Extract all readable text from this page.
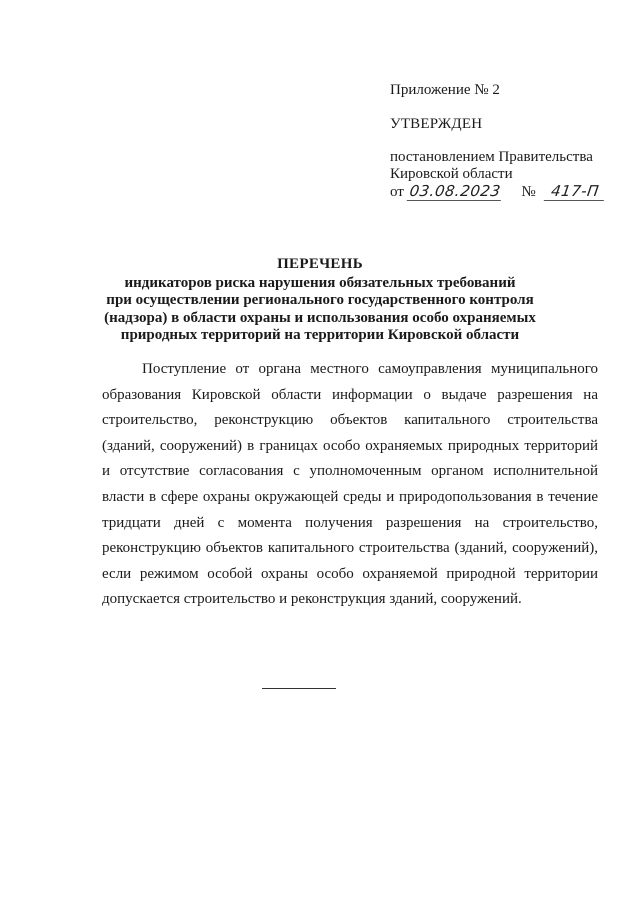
Приложение № 2
УТВЕРЖДЕН
постановлением Правительства
Кировской области
от 03.08.2023 № 417-П
ПЕРЕЧЕНЬ
индикаторов риска нарушения обязательных требований
при осуществлении регионального государственного контроля
(надзора) в области охраны и использования особо охраняемых
природных территорий на территории Кировской области
Поступление от органа местного самоуправления муниципального образования Кировской области информации о выдаче разрешения на строительство, реконструкцию объектов капитального строительства (зданий, сооружений) в границах особо охраняемых природных территорий и отсутствие согласования с уполномоченным органом исполнительной власти в сфере охраны окружающей среды и природопользования в течение тридцати дней с момента получения разрешения на строительство, реконструкцию объектов капитального строительства (зданий, сооружений), если режимом особой охраны особо охраняемой природной территории допускается строительство и реконструкция зданий, сооружений.
